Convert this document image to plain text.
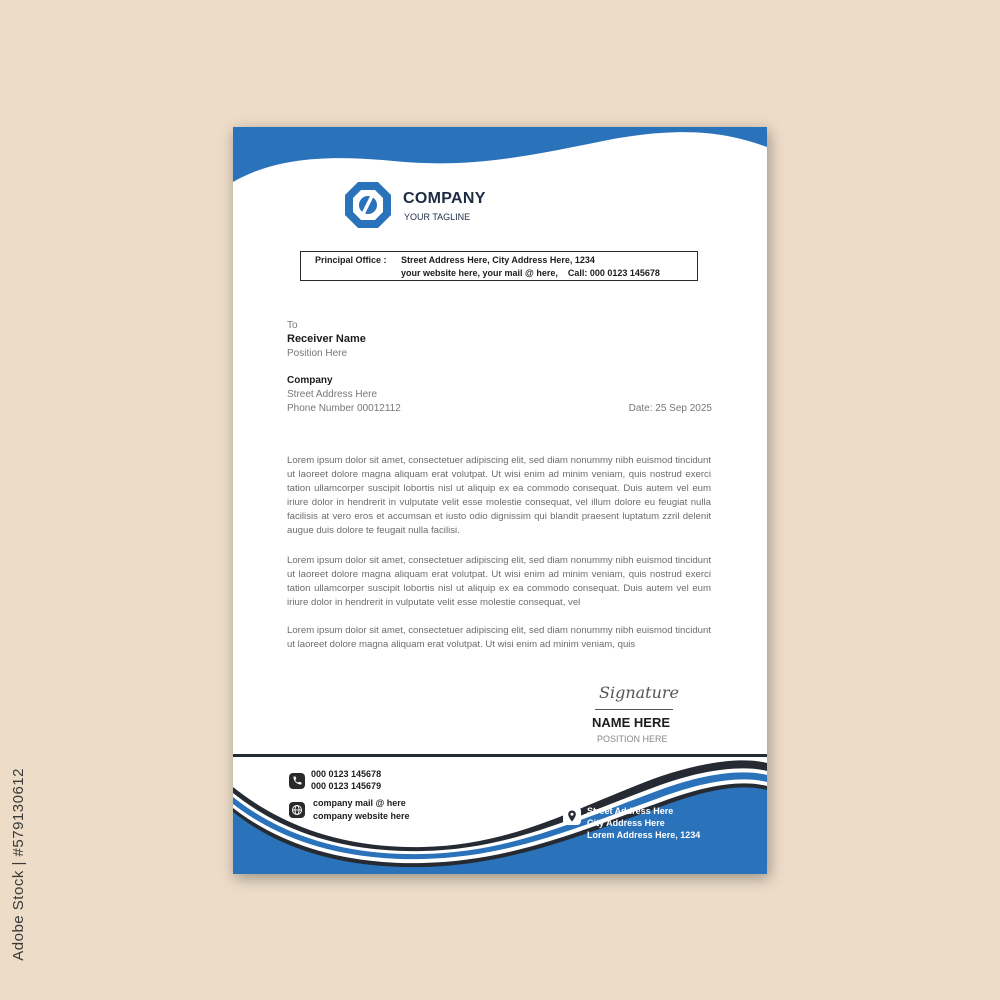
Adobe Stock | #579130612
COMPANY
YOUR TAGLINE
Principal Office : Street Address Here, City Address Here, 1234
your website here, your mail @ here,    Call: 000 0123 145678
To
Receiver Name
Position Here
Company
Street Address Here
Phone Number 00012112	Date: 25 Sep 2025

Lorem ipsum dolor sit amet, consectetuer adipiscing elit, sed diam nonummy nibh euismod tincidunt ut laoreet dolore magna aliquam erat volutpat. Ut wisi enim ad minim veniam, quis nostrud exerci tation ullamcorper suscipit lobortis nisl ut aliquip ex ea commodo consequat. Duis autem vel eum iriure dolor in hendrerit in vulputate velit esse molestie consequat, vel illum dolore eu feugiat nulla facilisis at vero eros et accumsan et iusto odio dignissim qui blandit praesent luptatum zzril delenit augue duis dolore te feugait nulla facilisi.

Lorem ipsum dolor sit amet, consectetuer adipiscing elit, sed diam nonummy nibh euismod tincidunt ut laoreet dolore magna aliquam erat volutpat. Ut wisi enim ad minim veniam, quis nostrud exerci tation ullamcorper suscipit lobortis nisl ut aliquip ex ea commodo consequat. Duis autem vel eum iriure dolor in hendrerit in vulputate velit esse molestie consequat, vel

Lorem ipsum dolor sit amet, consectetuer adipiscing elit, sed diam nonummy nibh euismod tincidunt ut laoreet dolore magna aliquam erat volutpat. Ut wisi enim ad minim veniam, quis

Signature
NAME HERE
POSITION HERE
000 0123 145678
000 0123 145679
company mail @ here
company website here	Street Address Here
City Address Here
Lorem Address Here, 1234
